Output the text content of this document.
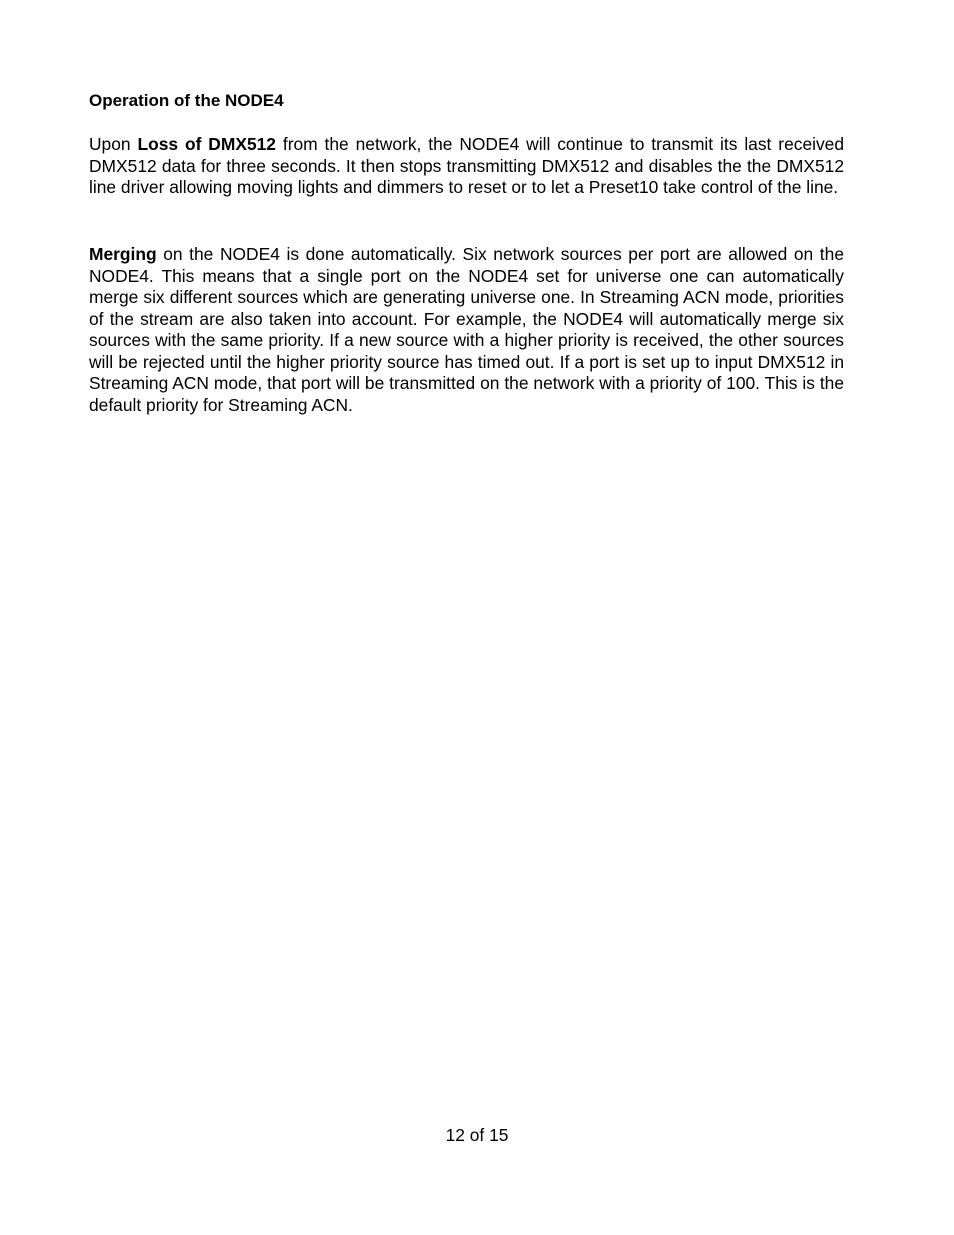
Operation of the NODE4

Upon Loss of DMX512 from the network, the NODE4 will continue to transmit its last received DMX512 data for three seconds. It then stops transmitting DMX512 and disables the the DMX512 line driver allowing moving lights and dimmers to reset or to let a Preset10 take control of the line.

Merging on the NODE4 is done automatically. Six network sources per port are allowed on the NODE4. This means that a single port on the NODE4 set for universe one can automatically merge six different sources which are generating universe one. In Streaming ACN mode, priorities of the stream are also taken into account. For example, the NODE4 will automatically merge six sources with the same priority. If a new source with a higher priority is received, the other sources will be rejected until the higher priority source has timed out. If a port is set up to input DMX512 in Streaming ACN mode, that port will be transmitted on the network with a priority of 100. This is the default priority for Streaming ACN.

12 of 15
